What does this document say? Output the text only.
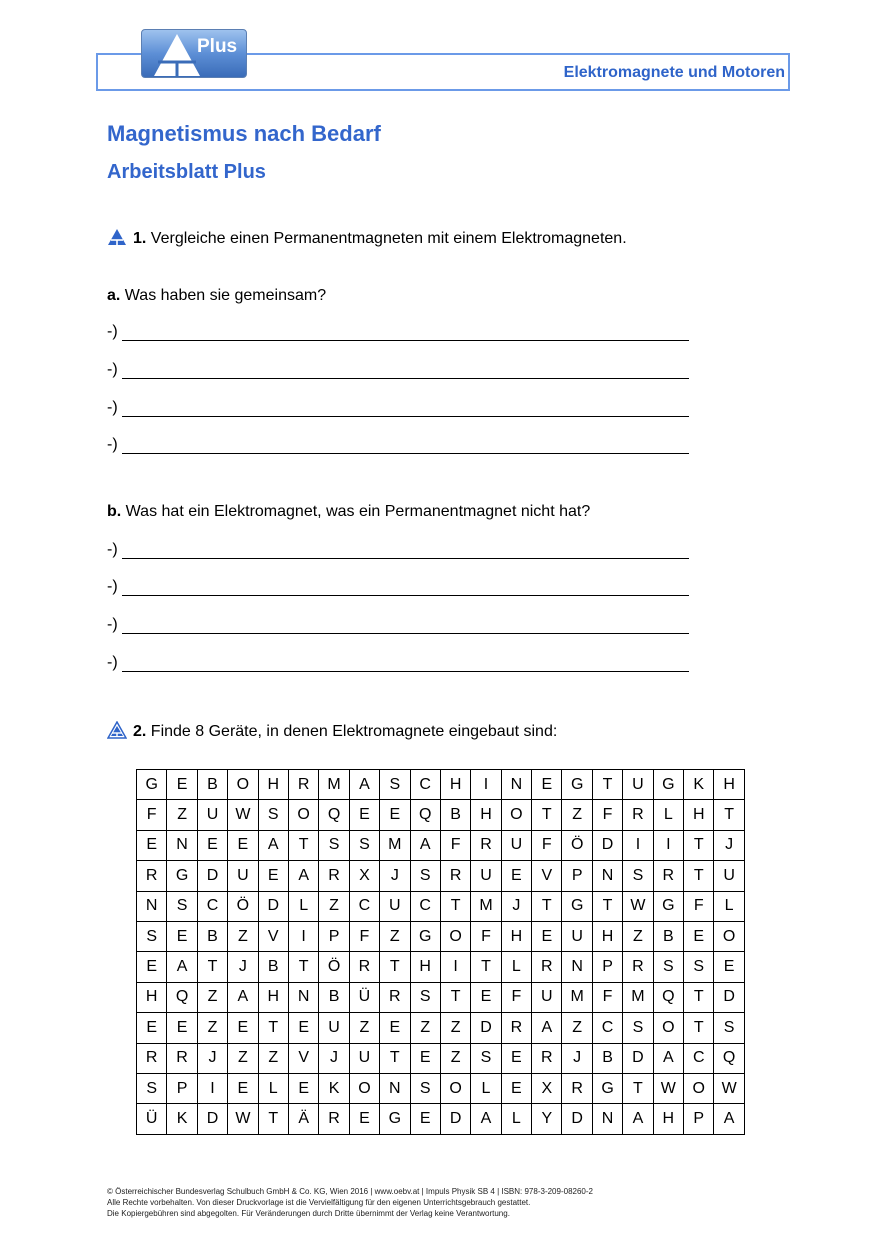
Plus
Elektromagnete und Motoren
Magnetismus nach Bedarf
Arbeitsblatt Plus
1. Vergleiche einen Permanentmagneten mit einem Elektromagneten.
a. Was haben sie gemeinsam?
-)
-)
-)
-)
b. Was hat ein Elektromagnet, was ein Permanentmagnet nicht hat?
-)
-)
-)
-)
2. Finde 8 Geräte, in denen Elektromagnete eingebaut sind:
G	E	B	O	H	R	M	A	S	C	H	I	N	E	G	T	U	G	K	H
F	Z	U	W	S	O	Q	E	E	Q	B	H	O	T	Z	F	R	L	H	T
E	N	E	E	A	T	S	S	M	A	F	R	U	F	Ö	D	I	I	T	J
R	G	D	U	E	A	R	X	J	S	R	U	E	V	P	N	S	R	T	U
N	S	C	Ö	D	L	Z	C	U	C	T	M	J	T	G	T	W	G	F	L
S	E	B	Z	V	I	P	F	Z	G	O	F	H	E	U	H	Z	B	E	O
E	A	T	J	B	T	Ö	R	T	H	I	T	L	R	N	P	R	S	S	E
H	Q	Z	A	H	N	B	Ü	R	S	T	E	F	U	M	F	M	Q	T	D
E	E	Z	E	T	E	U	Z	E	Z	Z	D	R	A	Z	C	S	O	T	S
R	R	J	Z	Z	V	J	U	T	E	Z	S	E	R	J	B	D	A	C	Q
S	P	I	E	L	E	K	O	N	S	O	L	E	X	R	G	T	W	O	W
Ü	K	D	W	T	Ä	R	E	G	E	D	A	L	Y	D	N	A	H	P	A
© Österreichischer Bundesverlag Schulbuch GmbH & Co. KG, Wien 2016 | www.oebv.at | Impuls Physik SB 4 | ISBN: 978-3-209-08260-2
Alle Rechte vorbehalten. Von dieser Druckvorlage ist die Vervielfältigung für den eigenen Unterrichtsgebrauch gestattet.
Die Kopiergebühren sind abgegolten. Für Veränderungen durch Dritte übernimmt der Verlag keine Verantwortung.
